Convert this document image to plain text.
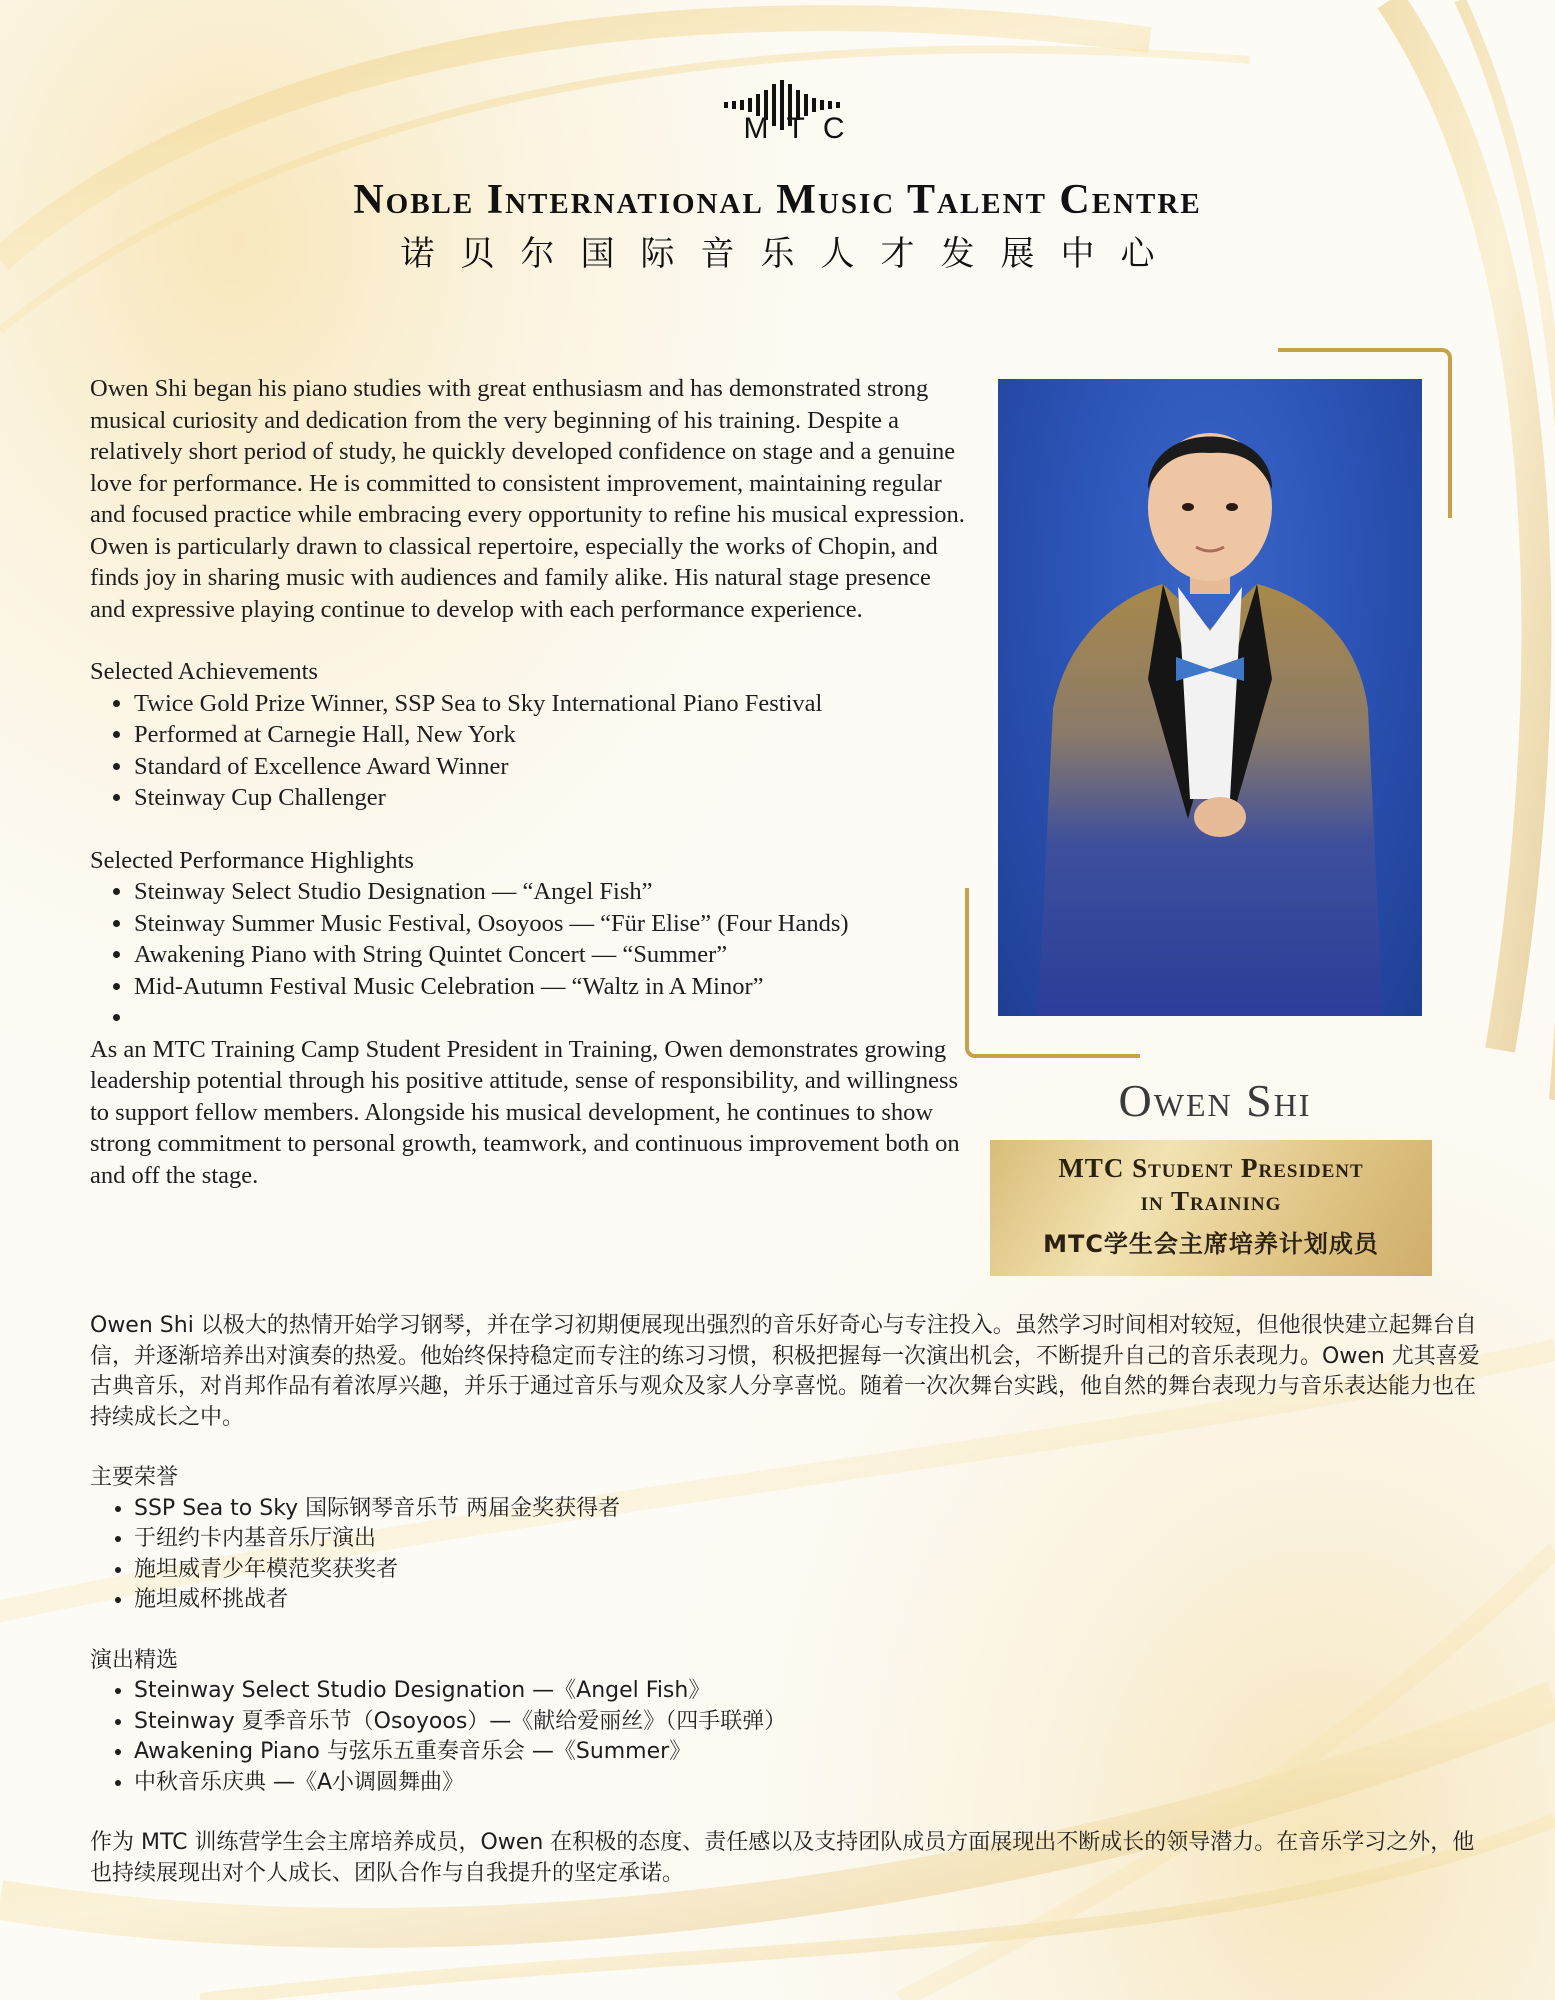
MTC
Noble International Music Talent Centre
诺贝尔国际音乐人才发展中心

Owen Shi began his piano studies with great enthusiasm and has demonstrated strong musical curiosity and dedication from the very beginning of his training. Despite a relatively short period of study, he quickly developed confidence on stage and a genuine love for performance. He is committed to consistent improvement, maintaining regular and focused practice while embracing every opportunity to refine his musical expression. Owen is particularly drawn to classical repertoire, especially the works of Chopin, and finds joy in sharing music with audiences and family alike. His natural stage presence and expressive playing continue to develop with each performance experience.

Selected Achievements

• Twice Gold Prize Winner, SSP Sea to Sky International Piano Festival
• Performed at Carnegie Hall, New York
• Standard of Excellence Award Winner
• Steinway Cup Challenger

Selected Performance Highlights

• Steinway Select Studio Designation — “Angel Fish”
• Steinway Summer Music Festival, Osoyoos — “Für Elise” (Four Hands)
• Awakening Piano with String Quintet Concert — “Summer”
• Mid-Autumn Festival Music Celebration — “Waltz in A Minor”
•

As an MTC Training Camp Student President in Training, Owen demonstrates growing leadership potential through his positive attitude, sense of responsibility, and willingness to support fellow members. Alongside his musical development, he continues to show strong commitment to personal growth, teamwork, and continuous improvement both on and off the stage.

Owen Shi
MTC Student President
in Training
MTC学生会主席培养计划成员

Owen Shi 以极大的热情开始学习钢琴，并在学习初期便展现出强烈的音乐好奇心与专注投入。虽然学习时间相对较短，但他很快建立起舞台自信，并逐渐培养出对演奏的热爱。他始终保持稳定而专注的练习习惯，积极把握每一次演出机会，不断提升自己的音乐表现力。Owen 尤其喜爱古典音乐，对肖邦作品有着浓厚兴趣，并乐于通过音乐与观众及家人分享喜悦。随着一次次舞台实践，他自然的舞台表现力与音乐表达能力也在持续成长之中。

主要荣誉

• SSP Sea to Sky 国际钢琴音乐节 两届金奖获得者
• 于纽约卡内基音乐厅演出
• 施坦威青少年模范奖获奖者
• 施坦威杯挑战者

演出精选

• Steinway Select Studio Designation —《Angel Fish》
• Steinway 夏季音乐节（Osoyoos）—《献给爱丽丝》（四手联弹）
• Awakening Piano 与弦乐五重奏音乐会 —《Summer》
• 中秋音乐庆典 —《A小调圆舞曲》

作为 MTC 训练营学生会主席培养成员，Owen 在积极的态度、责任感以及支持团队成员方面展现出不断成长的领导潜力。在音乐学习之外，他也持续展现出对个人成长、团队合作与自我提升的坚定承诺。
